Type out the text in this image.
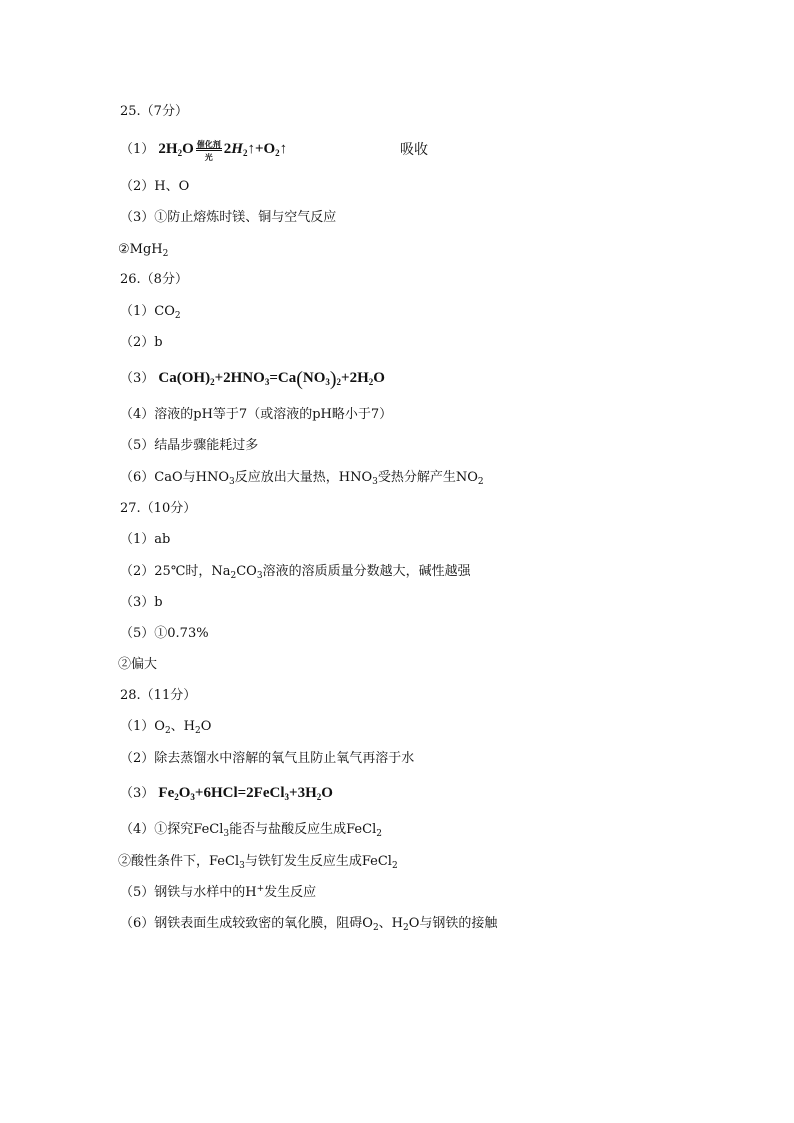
25.（7分）
（1） $2H_2O$ 催化剂
光
$2H_2↑+O_2↑$	吸收
（2）H、O
（3）①防止熔炼时镁、铜与空气反应
②MgH$_2$
26.（8分）
$(1)CO_2$
（2）b
（3） $Ca(OH)_2+2HNO_3=Ca(NO_3)_2+2H_2O$
（4）溶液的pH等于7（或溶液的pH略小于7）
（5）结晶步骤能耗过多
（6）CaO与$HNO_3$反应放出大量热，$HNO_3$受热分解产生$NO_2$
27.（10分）
（1）ab
（2）25℃时，$Na_2CO_3$溶液的溶质质量分数越大，碱性越强
（3）b
（5）①0.73%
②偏大
28.（11分）
$(1)O_2$、$H_2O$
（2）除去蒸馏水中溶解的氧气且防止氧气再溶于水
（3） $Fe_2O_3+6HCl=2FeCl_3+3H_2O$
（4）①探究FeCl$_3$能否与盐酸反应生成FeCl$_2$
②酸性条件下，FeCl$_3$与铁钉发生反应生成FeCl$_2$
（5）钢铁与水样中的H+发生反应
（6）钢铁表面生成较致密的氧化膜，阻碍$O_2$、$H_2O$与钢铁的接触
